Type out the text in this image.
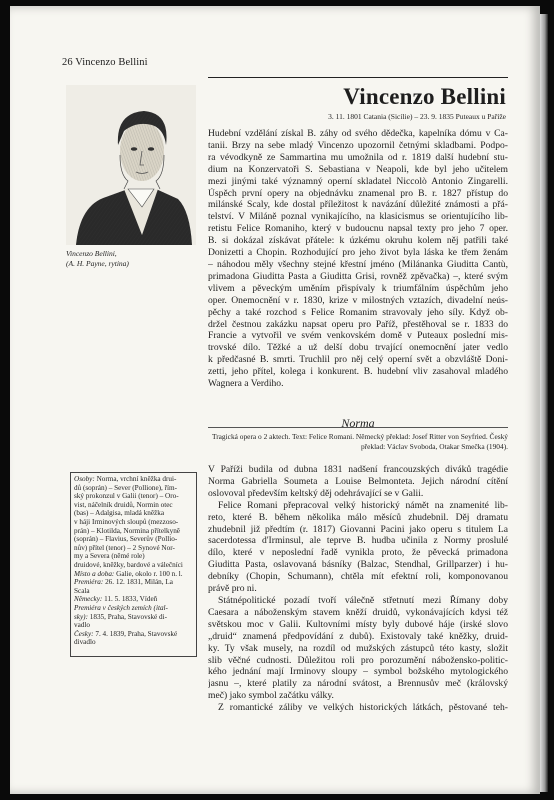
26 Vincenzo Bellini
Vincenzo Bellini
3. 11. 1801 Catania (Sicílie) – 23. 9. 1835 Puteaux u Paříže
Vincenzo Bellini,
(A. H. Payne, rytina)
Hudební vzdělání získal B. záhy od svého dědečka, kapelníka dómu v Ca-
tanii. Brzy na sebe mladý Vincenzo upozornil četnými skladbami. Podpo-
ra vévodkyně ze Sammartina mu umožnila od r. 1819 další hudební stu-
dium na Konzervatoři S. Sebastiana v Neapoli, kde byl jeho učitelem
mezi jinými také významný operní skladatel Niccolò Antonio Zingarelli.
Úspěch první opery na objednávku znamenal pro B. r. 1827 přístup do
milánské Scaly, kde dostal příležitost k navázání důležité známosti a přá-
telství. V Miláně poznal vynikajícího, na klasicismus se orientujícího lib-
retistu Felice Romaniho, který v budoucnu napsal texty pro jeho 7 oper.
B. si dokázal získávat přátele: k úzkému okruhu kolem něj patřili také
Donizetti a Chopin. Rozhodující pro jeho život byla láska ke třem ženám
– náhodou měly všechny stejné křestní jméno (Milánanka Giuditta Cantù,
primadona Giuditta Pasta a Giuditta Grisi, rovněž zpěvačka) –, které svým
vlivem a pěveckým uměním přispívaly k triumfálním úspěchům jeho
oper. Onemocnění v r. 1830, krize v milostných vztazích, divadelní neús-
pěchy a také rozchod s Felice Romanim stravovaly jeho síly. Když ob-
držel čestnou zakázku napsat operu pro Paříž, přestěhoval se r. 1833 do
Francie a vytvořil ve svém venkovském domě v Puteaux poslední mis-
trovské dílo. Těžké a už delší dobu trvající onemocnění jater vedlo
k předčasné B. smrti. Truchlil pro něj celý operní svět a obzvláště Doni-
zetti, jeho přítel, kolega i konkurent. B. hudební vliv zasahoval mladého
Wagnera a Verdiho.
Norma
Tragická opera o 2 aktech. Text: Felice Romani. Německý překlad: Josef Ritter von Seyfried. Český
překlad: Václav Svoboda, Otakar Smečka (1904).
Osoby: Norma, vrchní kněžka drui-
dů (soprán) – Sever (Pollione), řím-
ský prokonzul v Galii (tenor) – Oro-
vist, náčelník druidů, Normin otec
(bas) – Adalgisa, mladá kněžka
v háji Irminových sloupů (mezzoso-
prán) – Klotilda, Normina přítelkyně
(soprán) – Flavius, Severův (Pollio-
nův) přítel (tenor) – 2 Synové Nor-
my a Severa (němé role)
druidové, kněžky, bardové a válečníci
Místo a doba: Galie, okolo r. 100 n. l.
Premiéra: 26. 12. 1831, Milán, La
Scala
Německy: 11. 5. 1833, Vídeň
Premiéra v českých zemích (ital-
sky): 1835, Praha, Stavovské di-
vadlo
Česky: 7. 4. 1839, Praha, Stavovské
divadlo
V Paříži budila od dubna 1831 nadšení francouzských diváků tragédie
Norma Gabriella Soumeta a Louise Belmonteta. Jejich národní cítění
oslovoval především keltský děj odehrávající se v Galii.
Felice Romani přepracoval velký historický námět na znamenité lib-
reto, které B. během několika málo měsíců zhudebnil. Děj dramatu
zhudebnil již předtím (r. 1817) Giovanni Pacini jako operu s titulem La
sacerdotessa d'Irminsul, ale teprve B. hudba učinila z Normy proslulé
dílo, které v neposlední řadě vynikla proto, že pěvecká primadona
Giuditta Pasta, oslavovaná básníky (Balzac, Stendhal, Grillparzer) i hu-
debníky (Chopin, Schumann), chtěla mít efektní roli, komponovanou
právě pro ni.
Státnépolitické pozadí tvoří válečně střetnutí mezi Římany doby
Caesara a náboženským stavem kněží druidů, vykonávajících kdysi též
světskou moc v Galii. Kultovními místy byly dubové háje (irské slovo
„druid“ znamená předpovídání z dubů). Existovaly také kněžky, druid-
ky. Ty však musely, na rozdíl od mužských zástupců této kasty, složit
slib věčné cudnosti. Důležitou roli pro porozumění nábožensko-politic-
kého jednání mají Irminovy sloupy – symbol božského mytologického
jasnu –, které platily za národní svátost, a Brennusův meč (královský
meč) jako symbol začátku války.
Z romantické záliby ve velkých historických látkách, pěstované teh-
